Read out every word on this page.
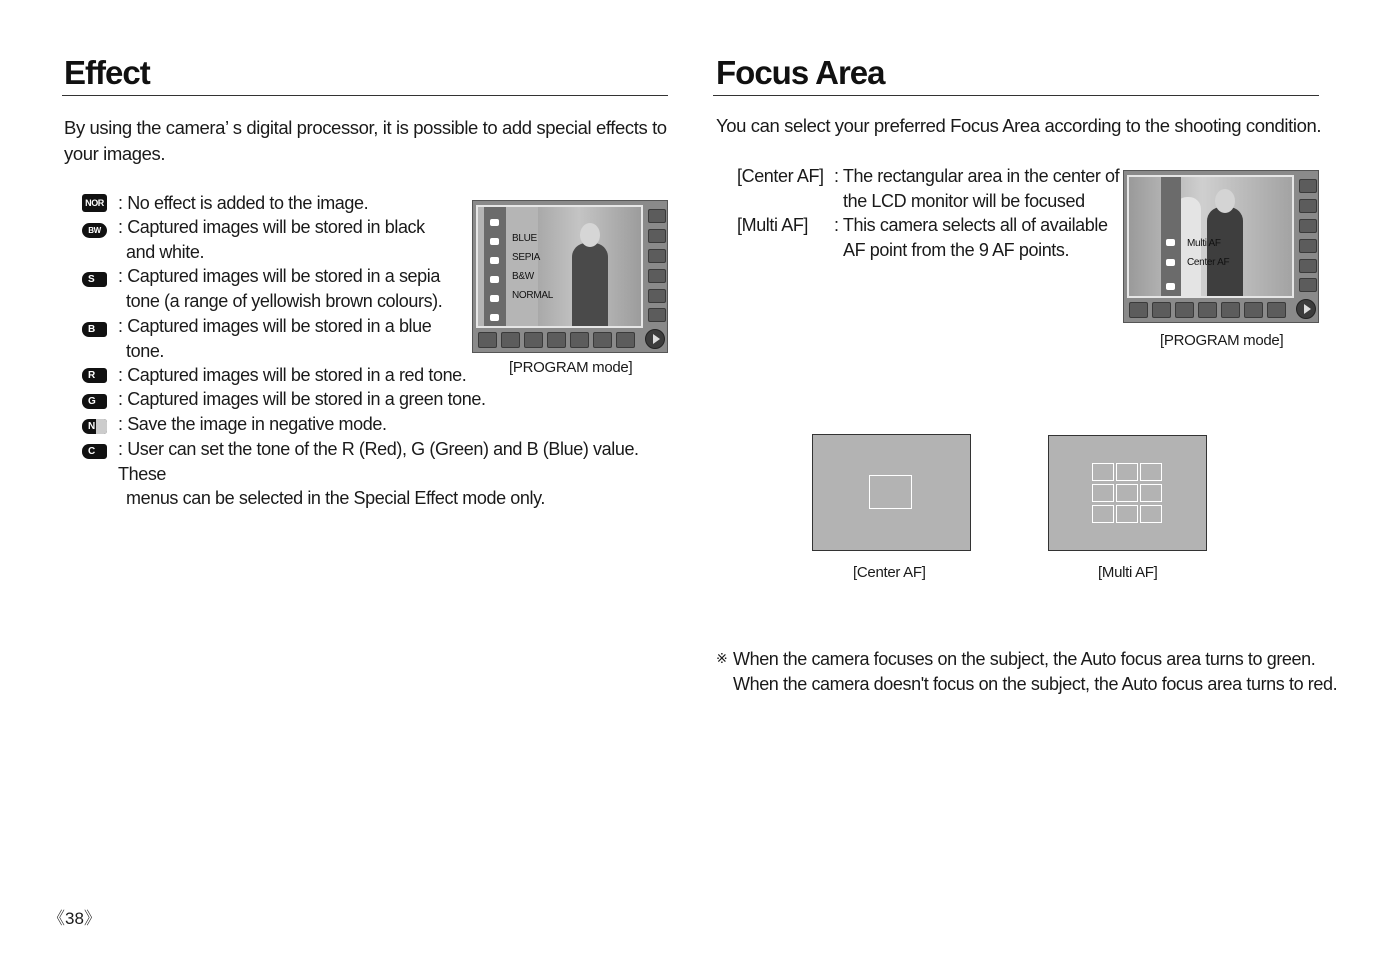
Effect
By using the camera’ s digital processor, it is possible to add special effects to
your images.
NOR : No effect is added to the image.
BW : Captured images will be stored in black
and white.
S	: Captured images will be stored in a sepia
tone (a range of yellowish brown colours).
B	: Captured images will be stored in a blue
tone.
R	: Captured images will be stored in a red tone.
G	: Captured images will be stored in a green tone.
N	: Save the image in negative mode.
C	: User can set the tone of the R (Red), G (Green) and B (Blue) value. These
menus can be selected in the Special Effect mode only.
BLUE
SEPIA
B&W
NORMAL
[PROGRAM mode]
《38》
Focus Area
You can select your preferred Focus Area according to the shooting condition.
[Center AF] : The rectangular area in the center of
the LCD monitor will be focused
[Multi AF] : This camera selects all of available
AF point from the 9 AF points.	Multi AF
Center AF
[PROGRAM mode]
[Center AF]	[Multi AF]
※ When the camera focuses on the subject, the Auto focus area turns to green.
When the camera doesn't focus on the subject, the Auto focus area turns to red.
